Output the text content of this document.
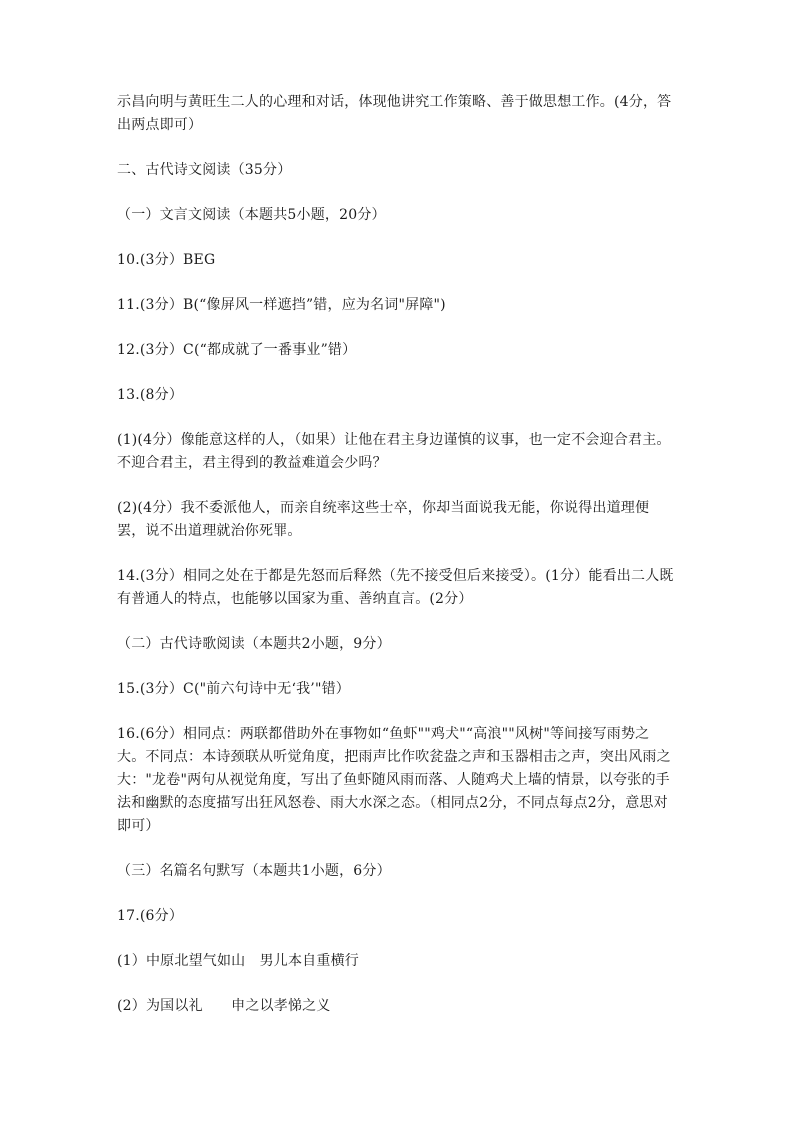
示昌向明与黄旺生二人的心理和对话，体现他讲究工作策略、善于做思想工作。(4分，答出两点即可）

二、古代诗文阅读（35分）

（一）文言文阅读（本题共5小题，20分）

10.(3分）BEG

11.(3分）B(“像屏风一样遮挡”错，应为名词"屏障")

12.(3分）C(“都成就了一番事业”错）

13.(8分）

(1)(4分）像能意这样的人，（如果）让他在君主身边谨慎的议事，也一定不会迎合君主。不迎合君主，君主得到的教益难道会少吗？

(2)(4分）我不委派他人，而亲自统率这些士卒，你却当面说我无能，你说得出道理便罢，说不出道理就治你死罪。

14.(3分）相同之处在于都是先怒而后释然（先不接受但后来接受）。(1分）能看出二人既有普通人的特点，也能够以国家为重、善纳直言。(2分）

（二）古代诗歌阅读（本题共2小题，9分）

15.(3分）C("前六句诗中无‘我’"错）

16.(6分）相同点：两联都借助外在事物如“鱼虾""鸡犬"“高浪""风树"等间接写雨势之大。不同点：本诗颈联从听觉角度，把雨声比作吹瓫盎之声和玉器相击之声，突出风雨之大："龙卷"两句从视觉角度，写出了鱼虾随风雨而落、人随鸡犬上墙的情景，以夸张的手法和幽默的态度描写出狂风怒卷、雨大水深之态。（相同点2分，不同点每点2分，意思对即可）

（三）名篇名句默写（本题共1小题，6分）

17.(6分）

(1）中原北望气如山　男儿本自重横行

(2）为国以礼　　申之以孝悌之义
